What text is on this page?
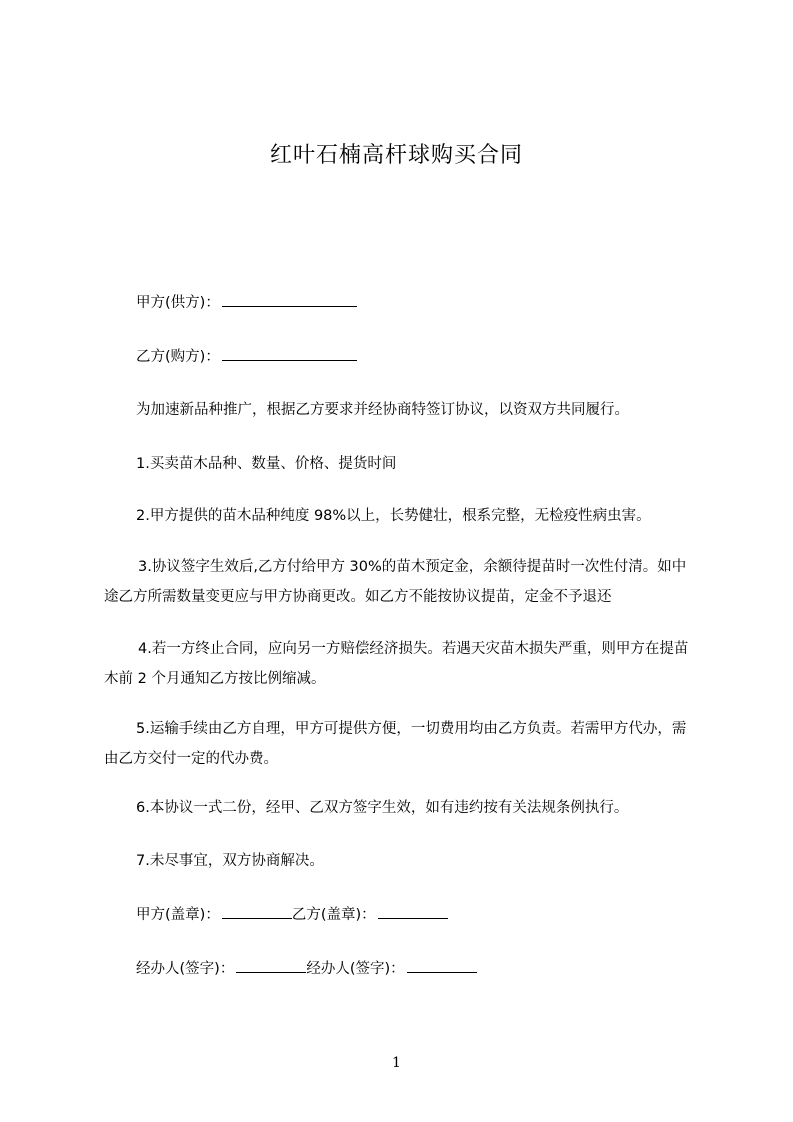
红叶石楠高杆球购买合同
甲方(供方)：
乙方(购方)：
为加速新品种推广，根据乙方要求并经协商特签订协议，以资双方共同履行。
1.买卖苗木品种、数量、价格、提货时间
2.甲方提供的苗木品种纯度 98%以上，长势健壮，根系完整，无检疫性病虫害。
3.协议签字生效后,乙方付给甲方 30%的苗木预定金，余额待提苗时一次性付清。如中途乙方所需数量变更应与甲方协商更改。如乙方不能按协议提苗，定金不予退还
4.若一方终止合同，应向另一方赔偿经济损失。若遇天灾苗木损失严重，则甲方在提苗木前 2 个月通知乙方按比例缩减。
5.运输手续由乙方自理，甲方可提供方便，一切费用均由乙方负责。若需甲方代办，需由乙方交付一定的代办费。
6.本协议一式二份，经甲、乙双方签字生效，如有违约按有关法规条例执行。
7.未尽事宜，双方协商解决。
甲方(盖章)：	乙方(盖章)：
经办人(签字)：	经办人(签字)：
1
